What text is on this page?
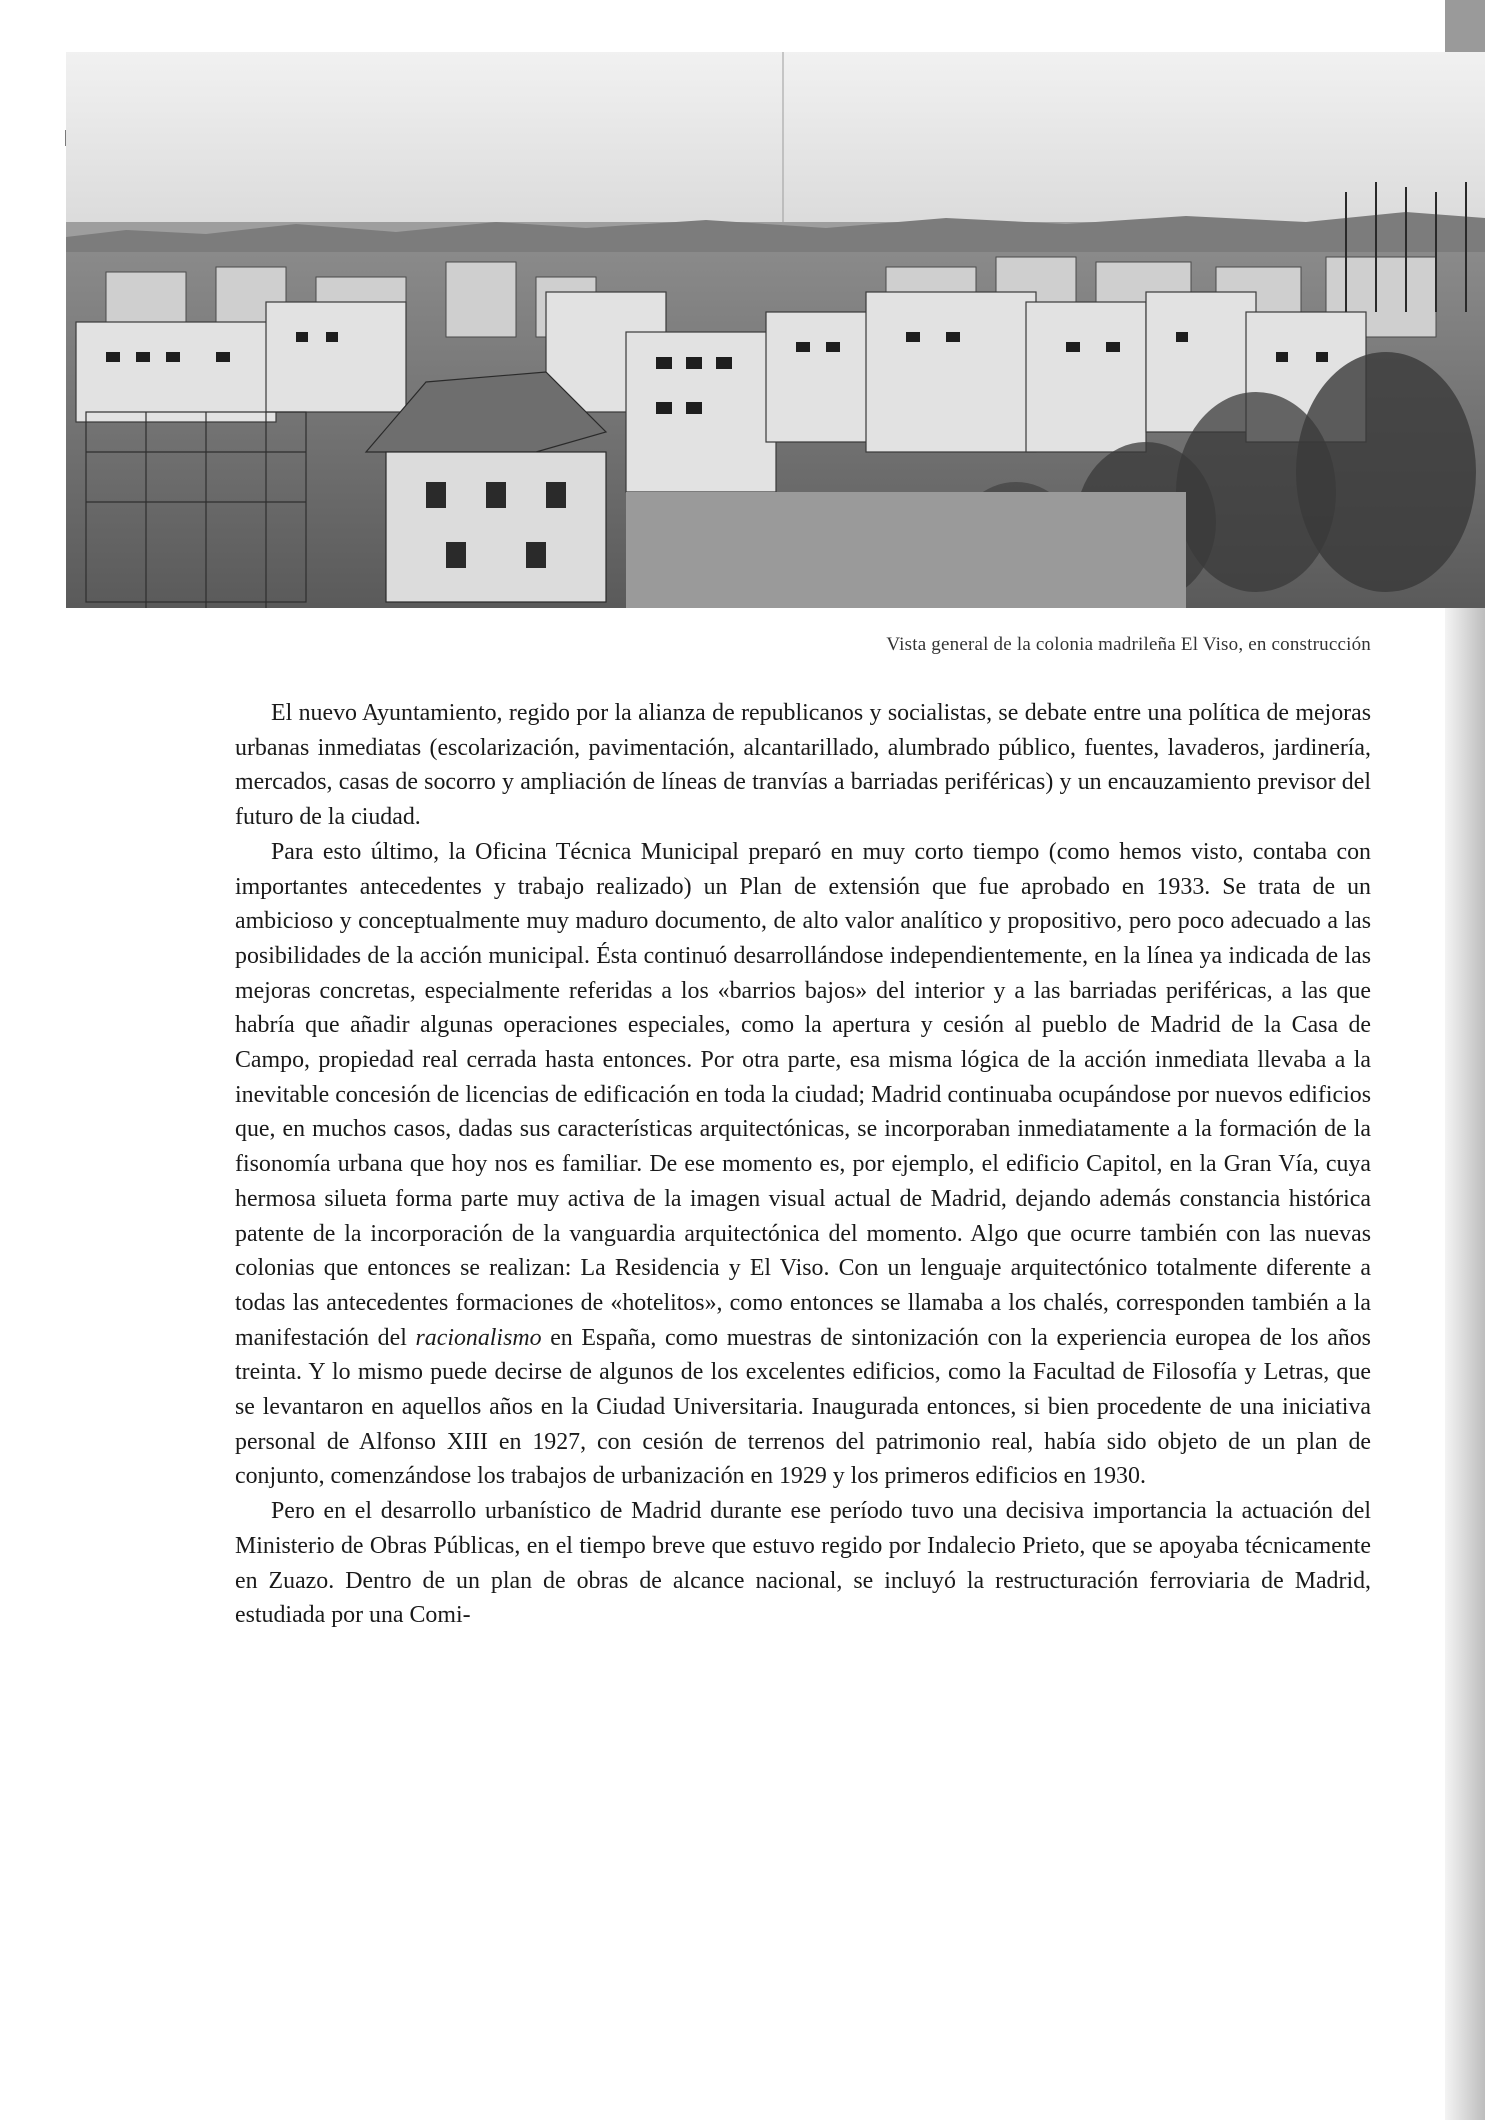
Vista general de la colonia madrileña El Viso, en construcción

El nuevo Ayuntamiento, regido por la alianza de republicanos y socialistas, se debate entre una política de mejoras urbanas inmediatas (escolarización, pavimentación, alcantarillado, alumbrado público, fuentes, lavaderos, jardinería, mercados, casas de socorro y ampliación de líneas de tranvías a barriadas periféricas) y un encauzamiento previsor del futuro de la ciudad.

Para esto último, la Oficina Técnica Municipal preparó en muy corto tiempo (como hemos visto, contaba con importantes antecedentes y trabajo realizado) un Plan de extensión que fue aprobado en 1933. Se trata de un ambicioso y conceptualmente muy maduro documento, de alto valor analítico y propositivo, pero poco adecuado a las posibilidades de la acción municipal. Ésta continuó desarrollándose independientemente, en la línea ya indicada de las mejoras concretas, especialmente referidas a los «barrios bajos» del interior y a las barriadas periféricas, a las que habría que añadir algunas operaciones especiales, como la apertura y cesión al pueblo de Madrid de la Casa de Campo, propiedad real cerrada hasta entonces. Por otra parte, esa misma lógica de la acción inmediata llevaba a la inevitable concesión de licencias de edificación en toda la ciudad; Madrid continuaba ocupándose por nuevos edificios que, en muchos casos, dadas sus características arquitectónicas, se incorporaban inmediatamente a la formación de la fisonomía urbana que hoy nos es familiar. De ese momento es, por ejemplo, el edificio Capitol, en la Gran Vía, cuya hermosa silueta forma parte muy activa de la imagen visual actual de Madrid, dejando además constancia histórica patente de la incorporación de la vanguardia arquitectónica del momento. Algo que ocurre también con las nuevas colonias que entonces se realizan: La Residencia y El Viso. Con un lenguaje arquitectónico totalmente diferente a todas las antecedentes formaciones de «hotelitos», como entonces se llamaba a los chalés, corresponden también a la manifestación del racionalismo en España, como muestras de sintonización con la experiencia europea de los años treinta. Y lo mismo puede decirse de algunos de los excelentes edificios, como la Facultad de Filosofía y Letras, que se levantaron en aquellos años en la Ciudad Universitaria. Inaugurada entonces, si bien procedente de una iniciativa personal de Alfonso XIII en 1927, con cesión de terrenos del patrimonio real, había sido objeto de un plan de conjunto, comenzándose los trabajos de urbanización en 1929 y los primeros edificios en 1930.

Pero en el desarrollo urbanístico de Madrid durante ese período tuvo una decisiva importancia la actuación del Ministerio de Obras Públicas, en el tiempo breve que estuvo regido por Indalecio Prieto, que se apoyaba técnicamente en Zuazo. Dentro de un plan de obras de alcance nacional, se incluyó la restructuración ferroviaria de Madrid, estudiada por una Comi-
